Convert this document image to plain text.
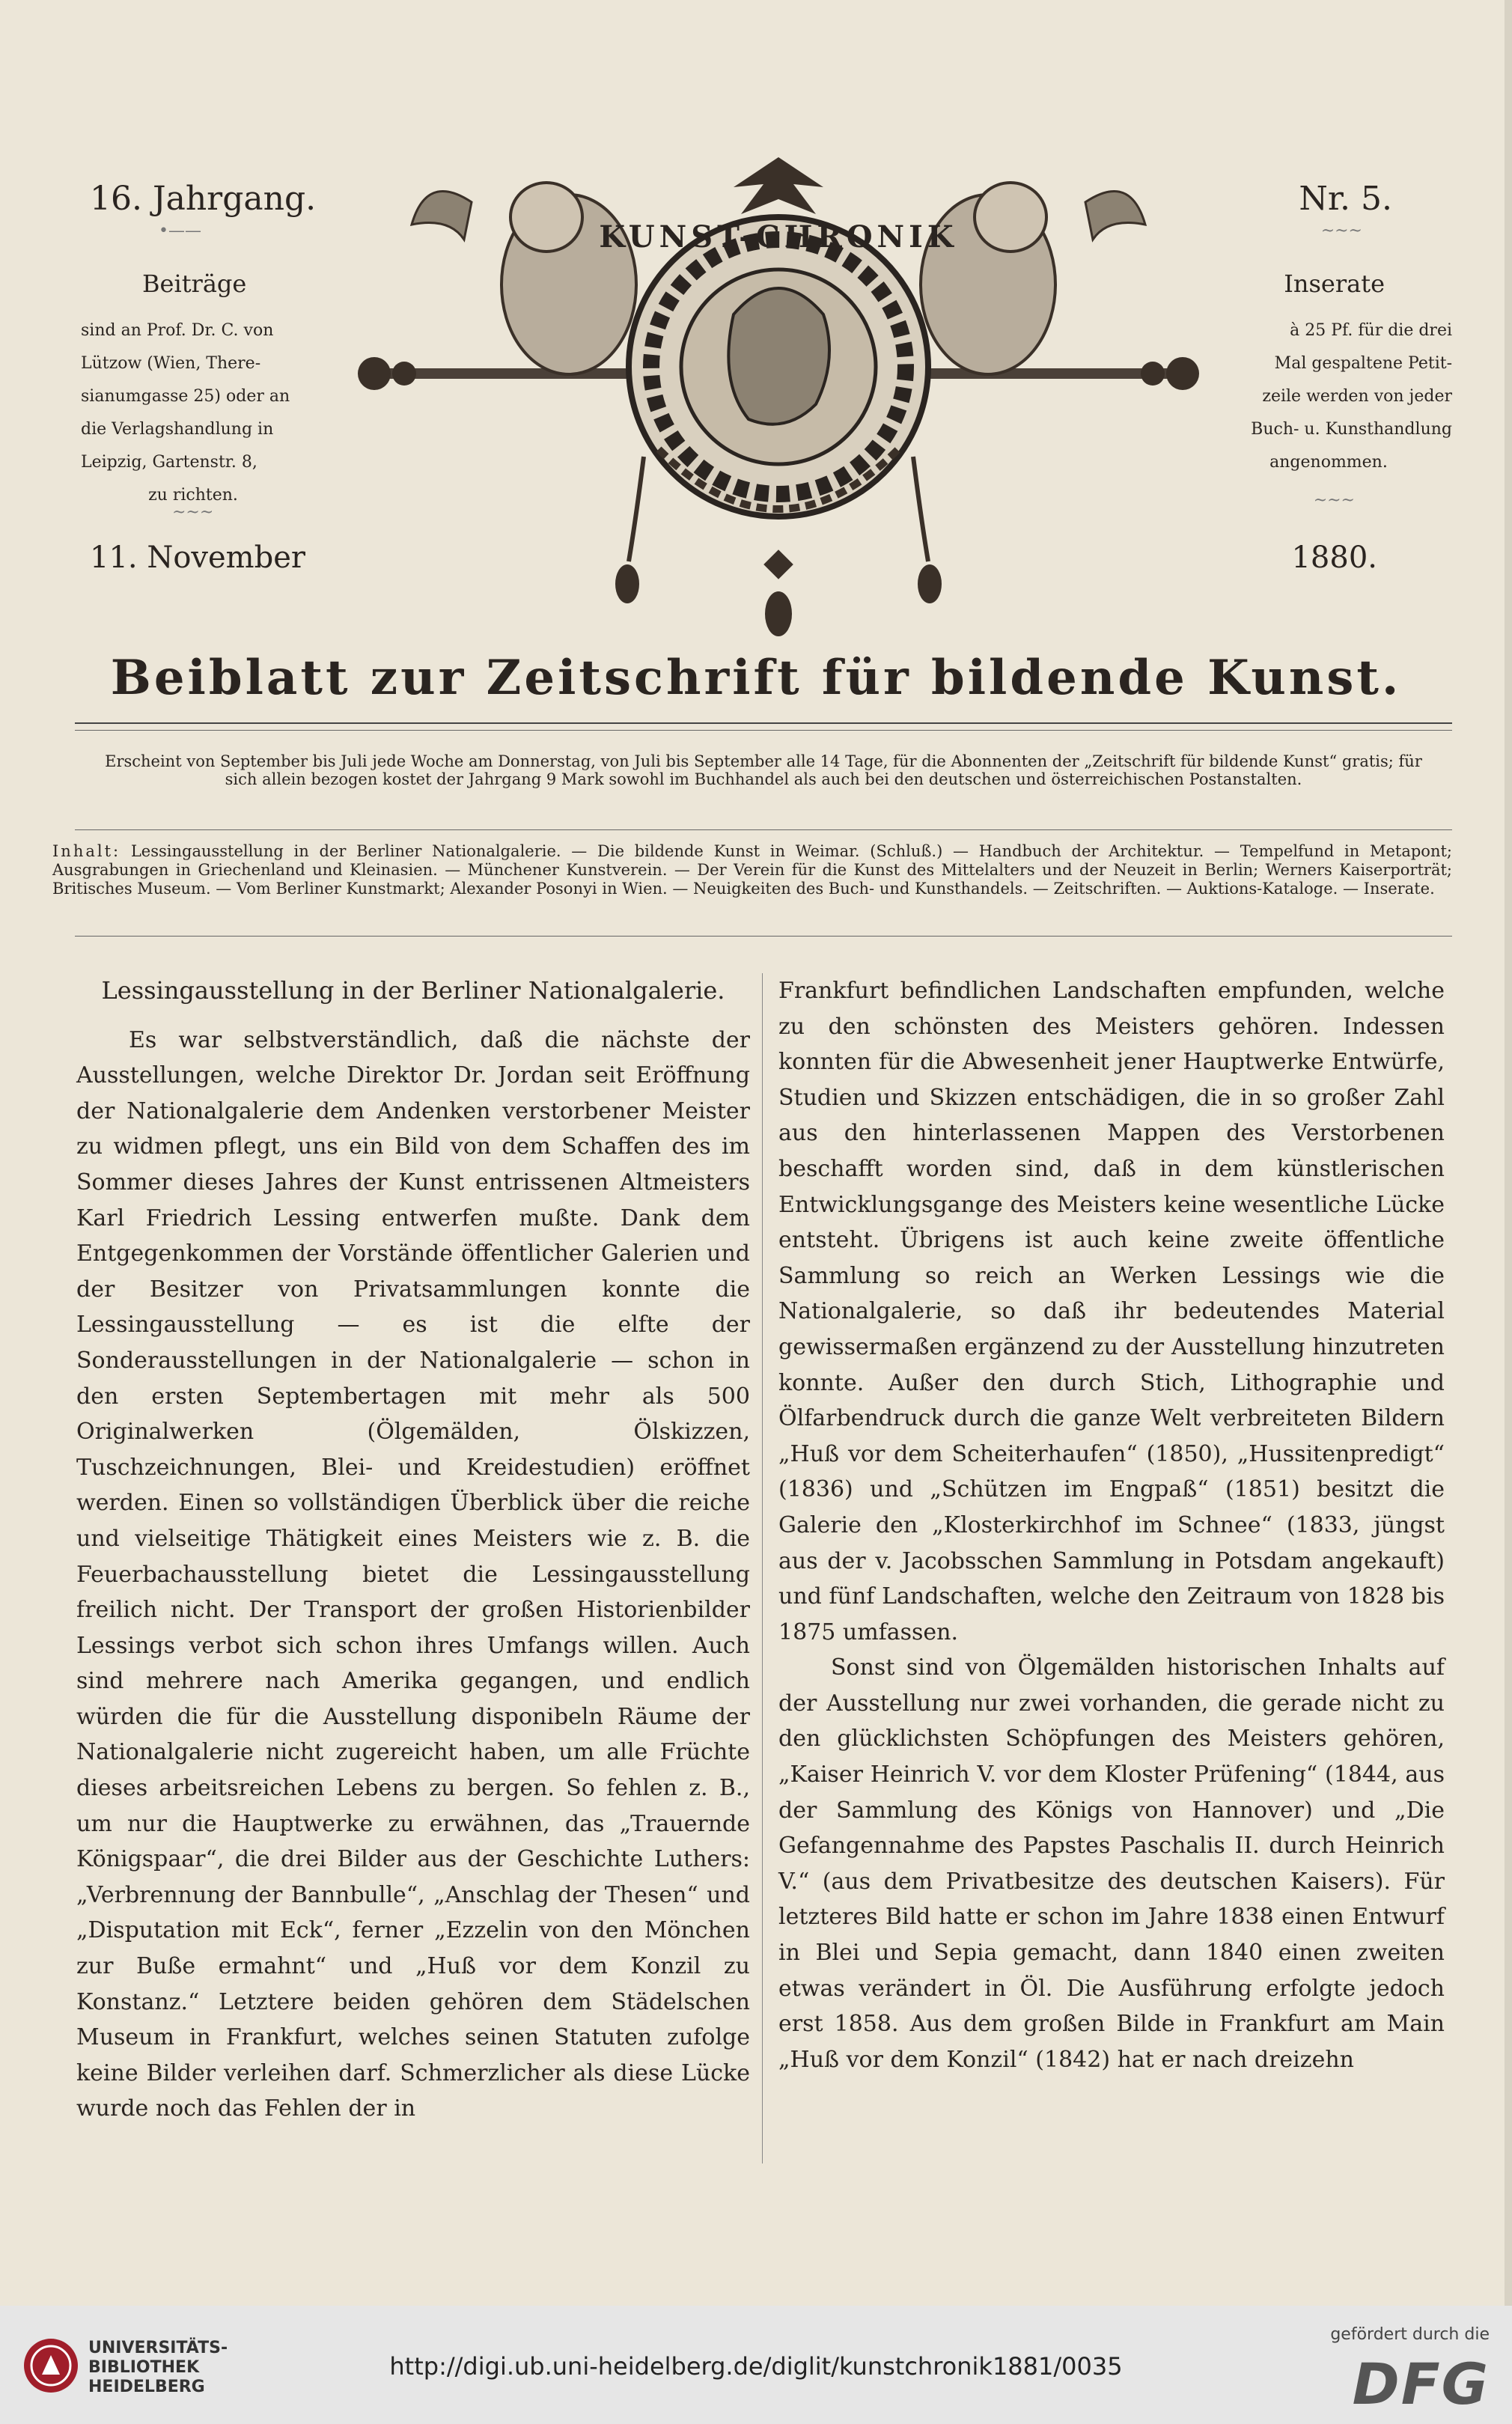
16. Jahrgang.	Nr. 5.
•——	~~~
Beiträge
sind an Prof. Dr. C. von
Lützow (Wien, There-
sianumgasse 25) oder an
die Verlagshandlung in
Leipzig, Gartenstr. 8,
zu richten.
Inserate
à 25 Pf. für die drei
Mal gespaltene Petit-
zeile werden von jeder
Buch- u. Kunsthandlung
angenommen.
~~~
~~~
11. November	1880.
KUNST-CHRONIK
Beiblatt zur Zeitschrift für bildende Kunst.
Erscheint von September bis Juli jede Woche am Donnerstag, von Juli bis September alle 14 Tage, für die Abonnenten der „Zeitschrift für bildende Kunst“ gratis; für sich allein bezogen kostet der Jahrgang 9 Mark sowohl im Buchhandel als auch bei den deutschen und österreichischen Postanstalten.
Inhalt: Lessingausstellung in der Berliner Nationalgalerie. — Die bildende Kunst in Weimar. (Schluß.) — Handbuch der Architektur. — Tempelfund in Metapont; Ausgrabungen in Griechenland und Kleinasien. — Münchener Kunstverein. — Der Verein für die Kunst des Mittelalters und der Neuzeit in Berlin; Werners Kaiserporträt; Britisches Museum. — Vom Berliner Kunstmarkt; Alexander Posonyi in Wien. — Neuigkeiten des Buch- und Kunsthandels. — Zeitschriften. — Auktions-Kataloge. — Inserate.

Lessingausstellung in der Berliner Nationalgalerie.

Es war selbstverständlich, daß die nächste der Ausstellungen, welche Direktor Dr. Jordan seit Eröffnung der Nationalgalerie dem Andenken verstorbener Meister zu widmen pflegt, uns ein Bild von dem Schaffen des im Sommer dieses Jahres der Kunst entrissenen Altmeisters Karl Friedrich Lessing entwerfen mußte. Dank dem Entgegenkommen der Vorstände öffentlicher Galerien und der Besitzer von Privatsammlungen konnte die Lessingausstellung — es ist die elfte der Sonderausstellungen in der Nationalgalerie — schon in den ersten Septembertagen mit mehr als 500 Originalwerken (Ölgemälden, Ölskizzen, Tuschzeichnungen, Blei- und Kreidestudien) eröffnet werden. Einen so vollständigen Überblick über die reiche und vielseitige Thätigkeit eines Meisters wie z. B. die Feuerbachausstellung bietet die Lessingausstellung freilich nicht. Der Transport der großen Historienbilder Lessings verbot sich schon ihres Umfangs willen. Auch sind mehrere nach Amerika gegangen, und endlich würden die für die Ausstellung disponibeln Räume der Nationalgalerie nicht zugereicht haben, um alle Früchte dieses arbeitsreichen Lebens zu bergen. So fehlen z. B., um nur die Hauptwerke zu erwähnen, das „Trauernde Königspaar“, die drei Bilder aus der Geschichte Luthers: „Verbrennung der Bannbulle“, „Anschlag der Thesen“ und „Disputation mit Eck“, ferner „Ezzelin von den Mönchen zur Buße ermahnt“ und „Huß vor dem Konzil zu Konstanz.“ Letztere beiden gehören dem Städelschen Museum in Frankfurt, welches seinen Statuten zufolge keine Bilder verleihen darf. Schmerzlicher als diese Lücke wurde noch das Fehlen der in

Frankfurt befindlichen Landschaften empfunden, welche zu den schönsten des Meisters gehören. Indessen konnten für die Abwesenheit jener Hauptwerke Entwürfe, Studien und Skizzen entschädigen, die in so großer Zahl aus den hinterlassenen Mappen des Verstorbenen beschafft worden sind, daß in dem künstlerischen Entwicklungsgange des Meisters keine wesentliche Lücke entsteht. Übrigens ist auch keine zweite öffentliche Sammlung so reich an Werken Lessings wie die Nationalgalerie, so daß ihr bedeutendes Material gewissermaßen ergänzend zu der Ausstellung hinzutreten konnte. Außer den durch Stich, Lithographie und Ölfarbendruck durch die ganze Welt verbreiteten Bildern „Huß vor dem Scheiterhaufen“ (1850), „Hussitenpredigt“ (1836) und „Schützen im Engpaß“ (1851) besitzt die Galerie den „Klosterkirchhof im Schnee“ (1833, jüngst aus der v. Jacobsschen Sammlung in Potsdam angekauft) und fünf Landschaften, welche den Zeitraum von 1828 bis 1875 umfassen.

Sonst sind von Ölgemälden historischen Inhalts auf der Ausstellung nur zwei vorhanden, die gerade nicht zu den glücklichsten Schöpfungen des Meisters gehören, „Kaiser Heinrich V. vor dem Kloster Prüfening“ (1844, aus der Sammlung des Königs von Hannover) und „Die Gefangennahme des Papstes Paschalis II. durch Heinrich V.“ (aus dem Privatbesitze des deutschen Kaisers). Für letzteres Bild hatte er schon im Jahre 1838 einen Entwurf in Blei und Sepia gemacht, dann 1840 einen zweiten etwas verändert in Öl. Die Ausführung erfolgte jedoch erst 1858. Aus dem großen Bilde in Frankfurt am Main „Huß vor dem Konzil“ (1842) hat er nach dreizehn

UNIVERSITÄTS-
BIBLIOTHEK
HEIDELBERG
http://digi.ub.uni-heidelberg.de/diglit/kunstchronik1881/0035
gefördert durch die
DFG
